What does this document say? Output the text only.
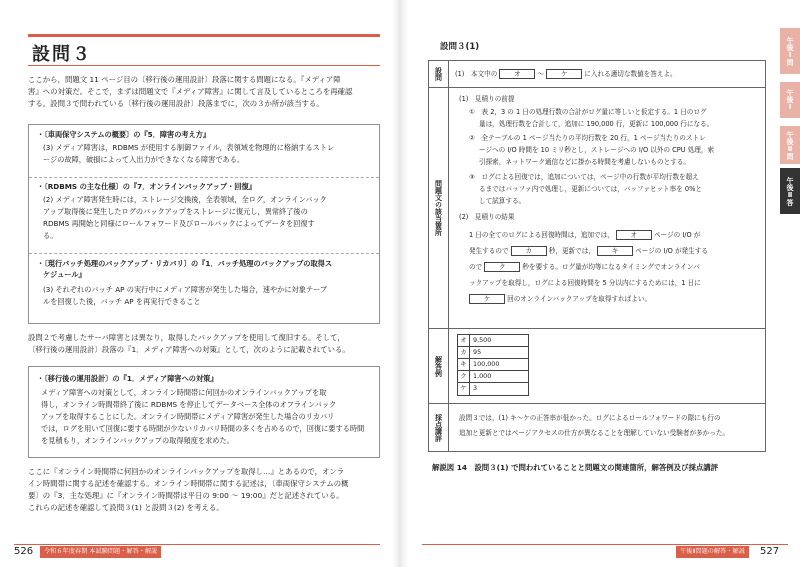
設問３
ここから，問題文 11 ページ目の〔移行後の運用設計〕段落に関する問題になる。『メディア障
害』への対策だ。そこで，まずは問題文で『メディア障害』に関して言及しているところを再確認
する。設問３で問われている〔移行後の運用設計〕段落までに，次の３か所が該当する。
・〔車両保守システムの概要〕の『5．障害の考え方』
(3) メディア障害は，RDBMS が使用する制御ファイル，表領域を物理的に格納するストレ
ージの故障，破損によって入出力ができなくなる障害である。
・〔RDBMS の主な仕様〕の『7．オンラインバックアップ・回復』
(2) メディア障害発生時には，ストレージ交換後，全表領域，全ログ，オンラインバック
アップ取得後に発生したログのバックアップをストレージに復元し，異常終了後の
RDBMS 再開始と同様にロールフォワード及びロールバックによってデータを回復す
る。
・〔現行バッチ処理のバックアップ・リカバリ〕の『1．バッチ処理のバックアップの取得ス
ケジュール』
(3) それぞれのバッチ AP の実行中にメディア障害が発生した場合，速やかに対象テーブ
ルを回復した後，バッチ AP を再実行できること
設問２で考慮したサーバ障害とは異なり，取得したバックアップを使用して復旧する。そして，
〔移行後の運用設計〕段落の『1．メディア障害への対策』として，次のように記載されている。
・〔移行後の運用設計〕の『1．メディア障害への対策』
メディア障害への対策として，オンライン時間帯に何回かのオンラインバックアップを取
得し，オンライン時間帯終了後に RDBMS を停止してデータベース全体のオフラインバック
アップを取得することにした。オンライン時間帯にメディア障害が発生した場合のリカバリ
では，ログを用いて回復に要する時間が少ないリカバリ時間の多くを占めるので，回復に要する時間
を見積もり，オンラインバックアップの取得頻度を求めた。
ここに『オンライン時間帯に何回かのオンラインバックアップを取得し…』とあるので，オンラ
イン時間帯に関する記述を確認する。オンライン時間帯に関する記述は，〔車両保守システムの概
要〕の『3．主な処理』に『オンライン時間帯は平日の 9:00 〜 19:00』だと記述されている。
これらの記述を確認して設問３(1) と設問３(2) を考える。
526	令和６年度春期 本試験問題・解答・解説
設問３(1)
設問	(1)　本文中の	オ	〜	ケ	に入れる適切な数値を答えよ。
問題文の該当箇所
(1)　見積りの前提
①　表 2，3 の 1 日の処理行数の合計がログ量に等しいと仮定する。1 日のログ
量は，処理行数を合計して，追加に 190,000 行，更新に 100,000 行になる。
②　全テーブルの 1 ページ当たりの平均行数を 20 行，1 ページ当たりのストレ
ージへの I/O 時間を 10 ミリ秒とし，ストレージへの I/O 以外の CPU 処理，索
引探索，ネットワーク通信などに掛かる時間を考慮しないものとする。
③　ログによる回復では，追加については，ページ中の行数が平均行数を超え
るまではバッファ内で処理し，更新については，バッファヒット率を 0%と
して試算する。
(2)　見積りの結果
1 日の全てのログによる回復時間は，追加では，	オ	ページの I/O が
発生するので	カ	秒，更新では，	キ	ページの I/O が発生する
ので	ク	秒を要する。ログ量が均等になるタイミングでオンラインバ
ックアップを取得し，ログによる回復時間を 5 分以内にするためには，1 日に
ケ	回のオンラインバックアップを取得すればよい。
解答例
オ 9,500
カ 95
キ 100,000
ク 1,000
ケ 3
採点講評	設問３では，(1) キ〜ケの正答率が低かった。ログによるロールフォワードの際にも行の
追加と更新とではページアクセスの仕方が異なることを理解していない受験者が多かった。
解説図 14　設問３(1) で問われていることと問題文の関連箇所，解答例及び採点講評
午後Ⅰ問
午後Ⅰ
午後Ⅱ問
午後Ⅱ答
午後Ⅱ問題の解答・解説	527
